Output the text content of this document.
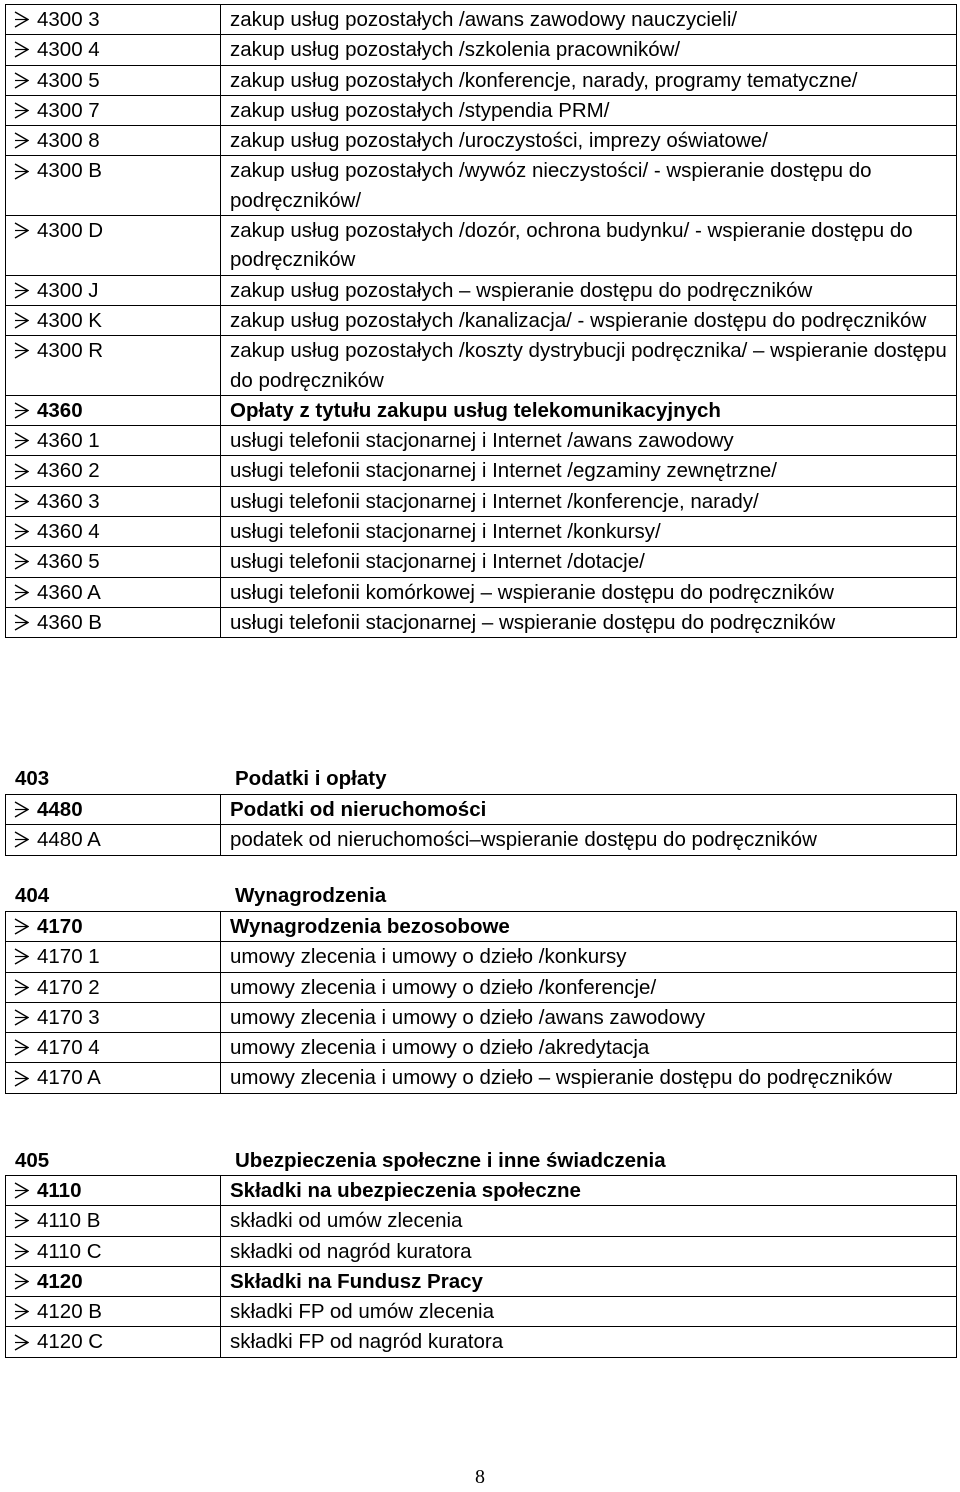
4300 3	zakup usług pozostałych /awans zawodowy nauczycieli/

4300 4	zakup usług pozostałych /szkolenia pracowników/

4300 5	zakup usług pozostałych /konferencje, narady, programy tematyczne/

4300 7	zakup usług pozostałych /stypendia PRM/

4300 8	zakup usług pozostałych /uroczystości, imprezy oświatowe/

4300 B	zakup usług pozostałych /wywóz nieczystości/ - wspieranie dostępu do podręczników/

4300 D	zakup usług pozostałych /dozór, ochrona budynku/ - wspieranie dostępu do podręczników

4300 J	zakup usług pozostałych – wspieranie dostępu do podręczników

4300 K	zakup usług pozostałych /kanalizacja/ - wspieranie dostępu do podręczników

4300 R	zakup usług pozostałych /koszty dystrybucji podręcznika/ – wspieranie dostępu do podręczników

4360	Opłaty z tytułu zakupu usług telekomunikacyjnych

4360 1	usługi telefonii stacjonarnej i Internet /awans zawodowy

4360 2	usługi telefonii stacjonarnej i Internet /egzaminy zewnętrzne/

4360 3	usługi telefonii stacjonarnej i Internet /konferencje, narady/

4360 4	usługi telefonii stacjonarnej i Internet /konkursy/

4360 5	usługi telefonii stacjonarnej i Internet /dotacje/

4360 A	usługi telefonii komórkowej – wspieranie dostępu do podręczników

4360 B	usługi telefonii stacjonarnej – wspieranie dostępu do podręczników
403	Podatki i opłaty
4480	Podatki od nieruchomości

4480 A	podatek od nieruchomości–wspieranie dostępu do podręczników
404	Wynagrodzenia
4170	Wynagrodzenia bezosobowe

4170 1	umowy zlecenia i umowy o dzieło /konkursy

4170 2	umowy zlecenia i umowy o dzieło /konferencje/

4170 3	umowy zlecenia i umowy o dzieło /awans zawodowy

4170 4	umowy zlecenia i umowy o dzieło /akredytacja

4170 A	umowy zlecenia i umowy o dzieło – wspieranie dostępu do podręczników
405	Ubezpieczenia społeczne i inne świadczenia
4110	Składki na ubezpieczenia społeczne

4110 B	składki od umów zlecenia

4110 C	składki od nagród kuratora

4120	Składki na Fundusz Pracy

4120 B	składki FP od umów zlecenia

4120 C	składki FP od nagród kuratora
8
